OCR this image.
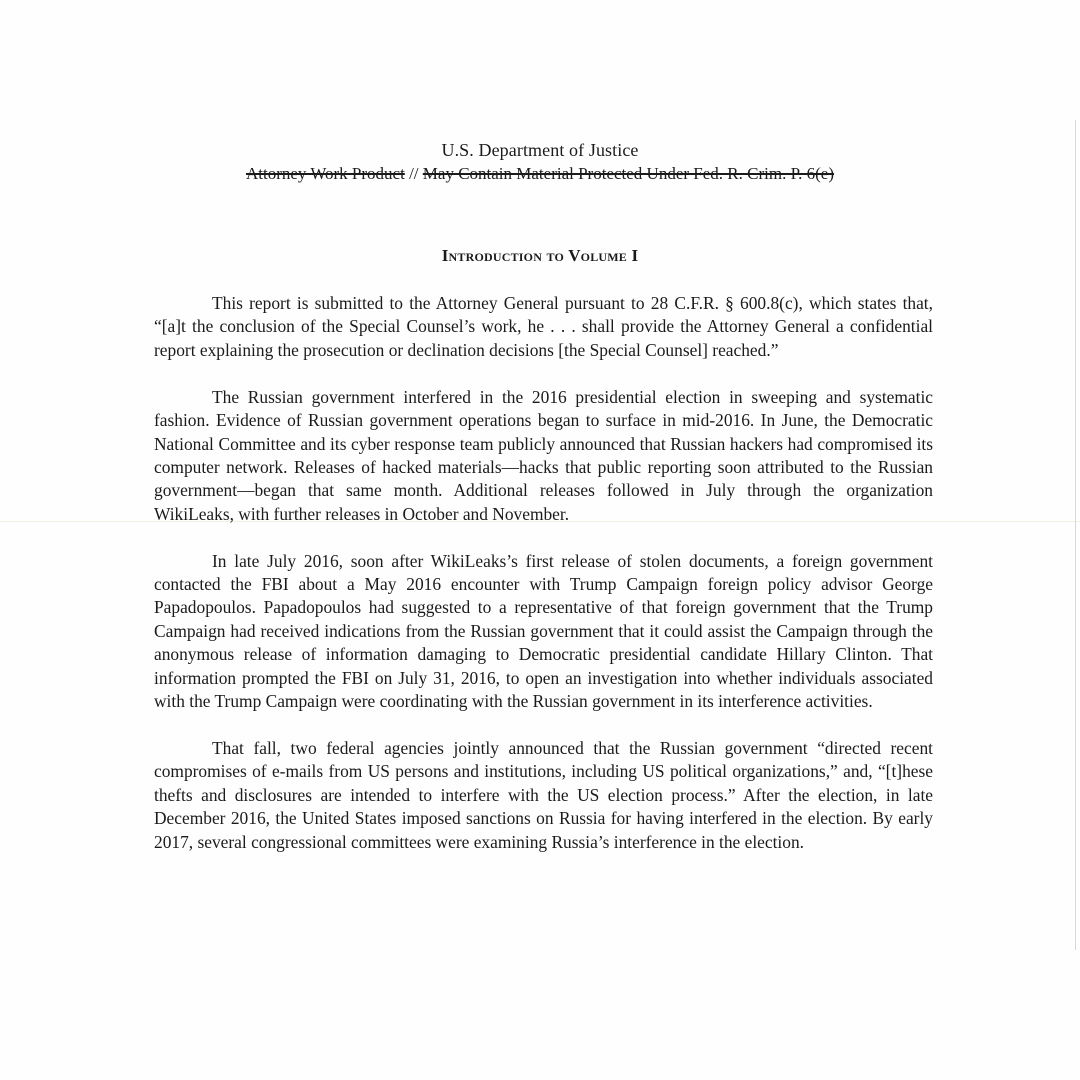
U.S. Department of Justice
Attorney Work Product // May Contain Material Protected Under Fed. R. Crim. P. 6(e)
Introduction to Volume I

This report is submitted to the Attorney General pursuant to 28 C.F.R. § 600.8(c), which states that, “[a]t the conclusion of the Special Counsel’s work, he . . . shall provide the Attorney General a confidential report explaining the prosecution or declination decisions [the Special Counsel] reached.”

The Russian government interfered in the 2016 presidential election in sweeping and systematic fashion. Evidence of Russian government operations began to surface in mid-2016. In June, the Democratic National Committee and its cyber response team publicly announced that Russian hackers had compromised its computer network. Releases of hacked materials—hacks that public reporting soon attributed to the Russian government—began that same month. Additional releases followed in July through the organization WikiLeaks, with further releases in October and November.

In late July 2016, soon after WikiLeaks’s first release of stolen documents, a foreign government contacted the FBI about a May 2016 encounter with Trump Campaign foreign policy advisor George Papadopoulos. Papadopoulos had suggested to a representative of that foreign government that the Trump Campaign had received indications from the Russian government that it could assist the Campaign through the anonymous release of information damaging to Democratic presidential candidate Hillary Clinton. That information prompted the FBI on July 31, 2016, to open an investigation into whether individuals associated with the Trump Campaign were coordinating with the Russian government in its interference activities.

That fall, two federal agencies jointly announced that the Russian government “directed recent compromises of e-mails from US persons and institutions, including US political organizations,” and, “[t]hese thefts and disclosures are intended to interfere with the US election process.” After the election, in late December 2016, the United States imposed sanctions on Russia for having interfered in the election. By early 2017, several congressional committees were examining Russia’s interference in the election.
